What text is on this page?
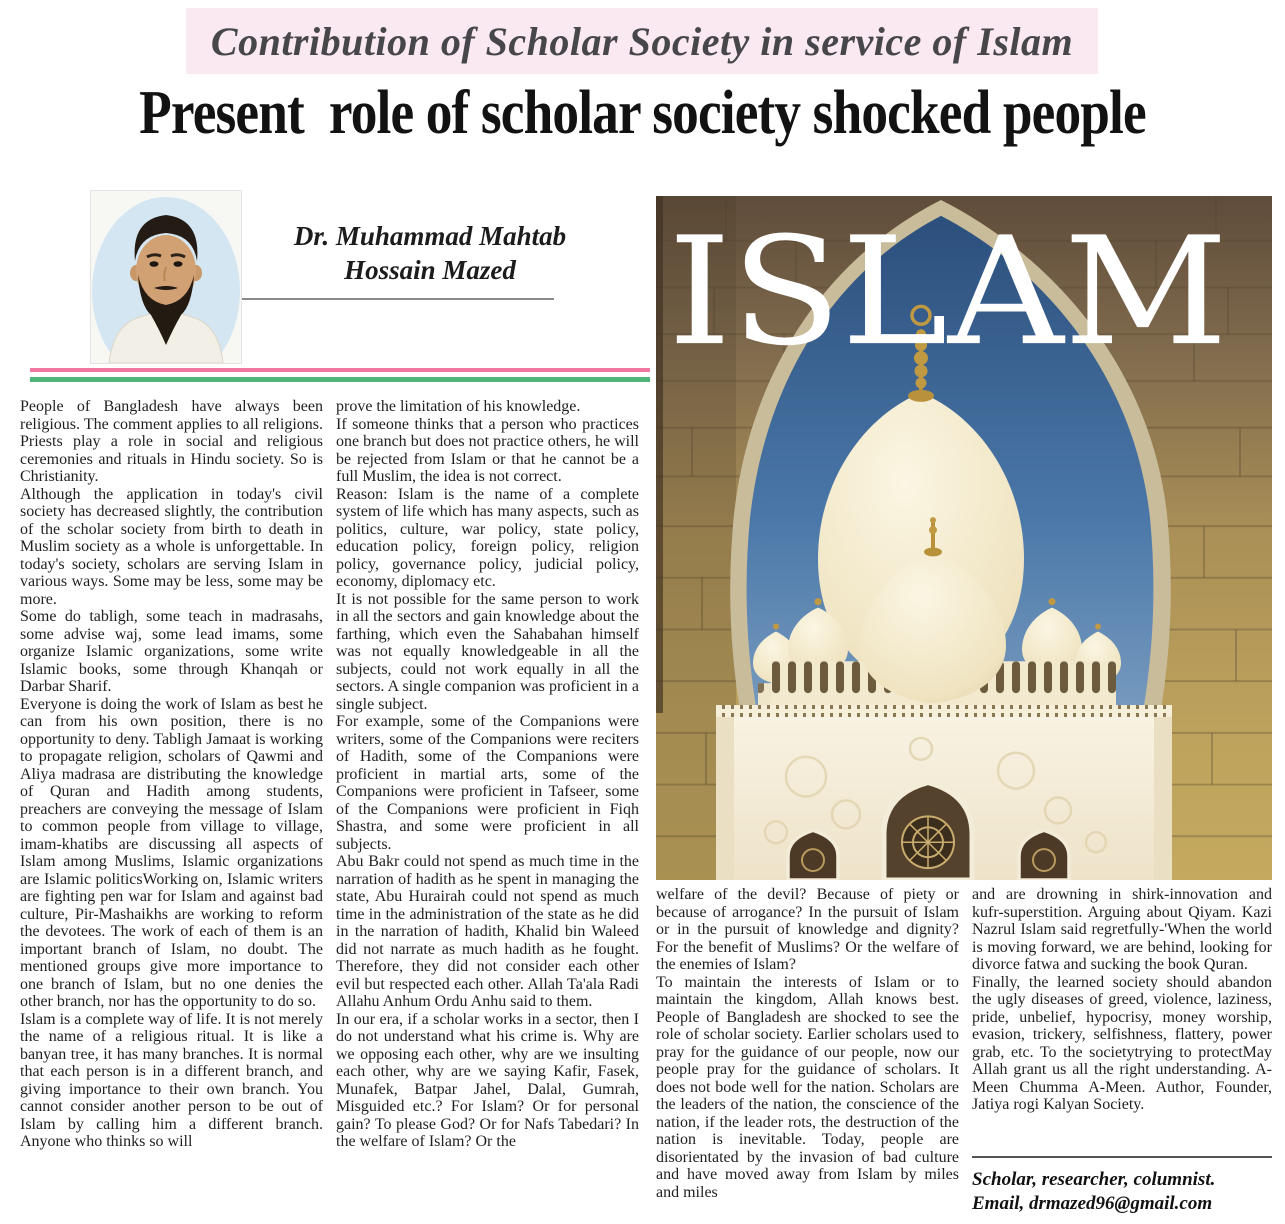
Contribution of Scholar Society in service of Islam
Present  role of scholar society shocked people
Dr. Muhammad Mahtab
Hossain Mazed	ISLAM

People of Bangladesh have always been religious. The comment applies to all religions. Priests play a role in social and religious ceremonies and rituals in Hindu society. So is Christianity.

Although the application in today's civil society has decreased slightly, the contribution of the scholar society from birth to death in Muslim society as a whole is unforgettable. In today's society, scholars are serving Islam in various ways. Some may be less, some may be more.

Some do tabligh, some teach in madrasahs, some advise waj, some lead imams, some organize Islamic organizations, some write Islamic books, some through Khanqah or Darbar Sharif.

Everyone is doing the work of Islam as best he can from his own position, there is no opportunity to deny. Tabligh Jamaat is working to propagate religion, scholars of Qawmi and Aliya madrasa are distributing the knowledge of Quran and Hadith among students, preachers are conveying the message of Islam to common people from village to village, imam-khatibs are discussing all aspects of Islam among Muslims, Islamic organizations are Islamic politicsWorking on, Islamic writers are fighting pen war for Islam and against bad culture, Pir-Mashaikhs are working to reform the devotees. The work of each of them is an important branch of Islam, no doubt. The mentioned groups give more importance to one branch of Islam, but no one denies the other branch, nor has the opportunity to do so.

Islam is a complete way of life. It is not merely the name of a religious ritual. It is like a banyan tree, it has many branches. It is normal that each person is in a different branch, and giving importance to their own branch. You cannot consider another person to be out of Islam by calling him a different branch. Anyone who thinks so will

prove the limitation of his knowledge.

If someone thinks that a person who practices one branch but does not practice others, he will be rejected from Islam or that he cannot be a full Muslim, the idea is not correct.

Reason: Islam is the name of a complete system of life which has many aspects, such as politics, culture, war policy, state policy, education policy, foreign policy, religion policy, governance policy, judicial policy, economy, diplomacy etc.

It is not possible for the same person to work in all the sectors and gain knowledge about the farthing, which even the Sahabahan himself was not equally knowledgeable in all the subjects, could not work equally in all the sectors. A single companion was proficient in a single subject.

For example, some of the Companions were writers, some of the Companions were reciters of Hadith, some of the Companions were proficient in martial arts, some of the Companions were proficient in Tafseer, some of the Companions were proficient in Fiqh Shastra, and some were proficient in all subjects.

Abu Bakr could not spend as much time in the narration of hadith as he spent in managing the state, Abu Hurairah could not spend as much time in the administration of the state as he did in the narration of hadith, Khalid bin Waleed did not narrate as much hadith as he fought. Therefore, they did not consider each other evil but respected each other. Allah Ta'ala Radi Allahu Anhum Ordu Anhu said to them.

In our era, if a scholar works in a sector, then I do not understand what his crime is. Why are we opposing each other, why are we insulting each other, why are we saying Kafir, Fasek, Munafek, Batpar Jahel, Dalal, Gumrah, Misguided etc.? For Islam? Or for personal gain? To please God? Or for Nafs Tabedari? In the welfare of Islam? Or the

welfare of the devil? Because of piety or because of arrogance? In the pursuit of Islam or in the pursuit of knowledge and dignity? For the benefit of Muslims? Or the welfare of the enemies of Islam?

To maintain the interests of Islam or to maintain the kingdom, Allah knows best. People of Bangladesh are shocked to see the role of scholar society. Earlier scholars used to pray for the guidance of our people, now our people pray for the guidance of scholars. It does not bode well for the nation. Scholars are the leaders of the nation, the conscience of the nation, if the leader rots, the destruction of the nation is inevitable. Today, people are disorientated by the invasion of bad culture and have moved away from Islam by miles and miles

and are drowning in shirk-innovation and kufr-superstition. Arguing about Qiyam. Kazi Nazrul Islam said regretfully-'When the world is moving forward, we are behind, looking for divorce fatwa and sucking the book Quran.

Finally, the learned society should abandon the ugly diseases of greed, violence, laziness, pride, unbelief, hypocrisy, money worship, evasion, trickery, selfishness, flattery, power grab, etc. To the societytrying to protectMay Allah grant us all the right understanding. A-Meen Chumma A-Meen. Author, Founder, Jatiya rogi Kalyan Society.

Scholar, researcher, columnist.
Email, drmazed96@gmail.com
